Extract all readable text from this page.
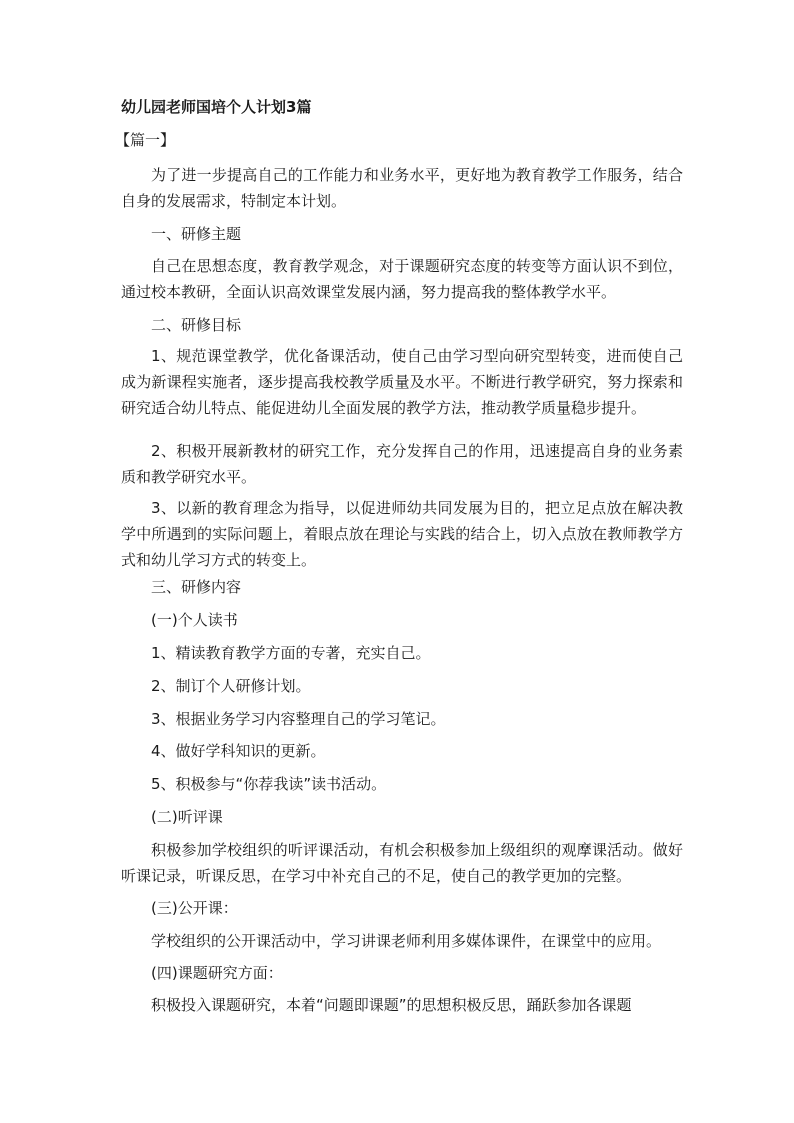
幼儿园老师国培个人计划3篇
【篇一】

为了进一步提高自己的工作能力和业务水平，更好地为教育教学工作服务，结合自身的发展需求，特制定本计划。

一、研修主题

自己在思想态度，教育教学观念，对于课题研究态度的转变等方面认识不到位，通过校本教研，全面认识高效课堂发展内涵，努力提高我的整体教学水平。

二、研修目标

1、规范课堂教学，优化备课活动，使自己由学习型向研究型转变，进而使自己成为新课程实施者，逐步提高我校教学质量及水平。不断进行教学研究，努力探索和研究适合幼儿特点、能促进幼儿全面发展的教学方法，推动教学质量稳步提升。

2、积极开展新教材的研究工作，充分发挥自己的作用，迅速提高自身的业务素质和教学研究水平。

3、以新的教育理念为指导，以促进师幼共同发展为目的，把立足点放在解决教学中所遇到的实际问题上，着眼点放在理论与实践的结合上，切入点放在教师教学方式和幼儿学习方式的转变上。

三、研修内容

(一)个人读书

1、精读教育教学方面的专著，充实自己。

2、制订个人研修计划。

3、根据业务学习内容整理自己的学习笔记。

4、做好学科知识的更新。

5、积极参与“你荐我读”读书活动。

(二)听评课

积极参加学校组织的听评课活动，有机会积极参加上级组织的观摩课活动。做好听课记录，听课反思，在学习中补充自己的不足，使自己的教学更加的完整。

(三)公开课：

学校组织的公开课活动中，学习讲课老师利用多媒体课件，在课堂中的应用。

(四)课题研究方面：

积极投入课题研究，本着“问题即课题”的思想积极反思，踊跃参加各课题
